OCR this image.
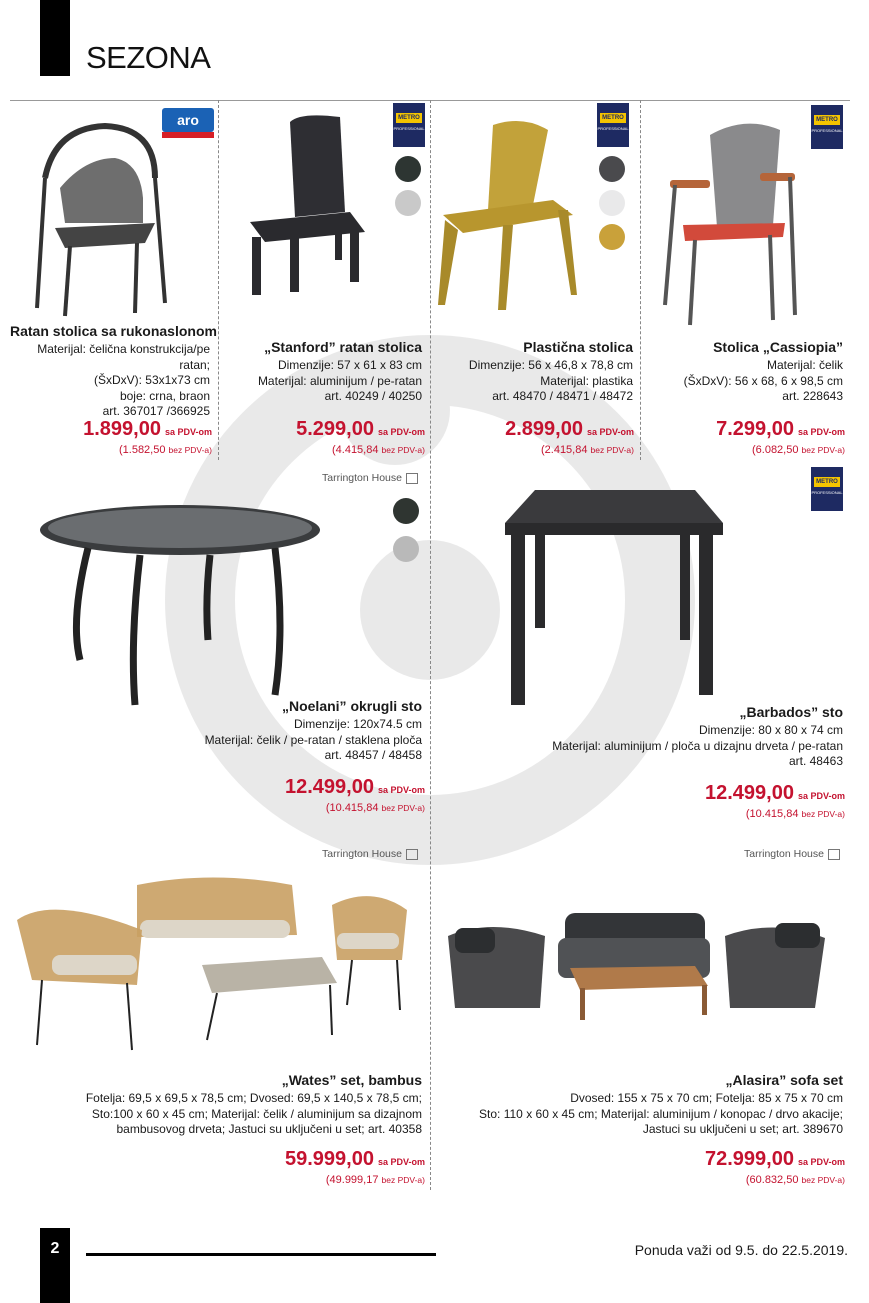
SEZONA
aro
Ratan stolica sa rukonaslonom
Materijal: čelična konstrukcija/pe ratan;
(ŠxDxV): 53x1x73 cm
boje: crna, braon
art. 367017 /366925
1.899,00 sa PDV-om
(1.582,50 bez PDV-a)
METRO
PROFESSIONAL
„Stanford” ratan stolica
Dimenzije: 57 x 61 x 83 cm
Materijal: aluminijum / pe-ratan
art. 40249 / 40250
5.299,00 sa PDV-om
(4.415,84 bez PDV-a)
METRO
PROFESSIONAL
Plastična stolica
Dimenzije: 56 x 46,8 x 78,8 cm
Materijal: plastika
art. 48470 / 48471 / 48472
2.899,00 sa PDV-om
(2.415,84 bez PDV-a)
METRO
PROFESSIONAL
Stolica „Cassiopia”
Materijal: čelik
(ŠxDxV): 56 x 68, 6 x 98,5 cm
art. 228643
7.299,00 sa PDV-om
(6.082,50 bez PDV-a)
Tarrington House
„Noelani” okrugli sto
Dimenzije: 120x74.5 cm
Materijal: čelik / pe-ratan / staklena ploča
art. 48457 / 48458
12.499,00 sa PDV-om
(10.415,84 bez PDV-a)
METRO
PROFESSIONAL
„Barbados” sto
Dimenzije: 80 x 80 x 74 cm
Materijal: aluminijum / ploča u dizajnu drveta / pe-ratan
art. 48463
12.499,00 sa PDV-om
(10.415,84 bez PDV-a)
Tarrington House
„Wates” set, bambus
Fotelja: 69,5 x 69,5 x 78,5 cm; Dvosed: 69,5 x 140,5 x 78,5 cm;
Sto:100 x 60 x 45 cm; Materijal: čelik / aluminijum sa dizajnom
bambusovog drveta; Jastuci su uključeni u set; art. 40358
59.999,00 sa PDV-om
(49.999,17 bez PDV-a)
Tarrington House
„Alasira” sofa set
Dvosed: 155 x 75 x 70 cm; Fotelja: 85 x 75 x 70 cm
Sto: 110 x 60 x 45 cm; Materijal: aluminijum / konopac / drvo akacije;
Jastuci su uključeni u set; art. 389670
72.999,00 sa PDV-om
(60.832,50 bez PDV-a)
2	Ponuda važi od 9.5. do 22.5.2019.
